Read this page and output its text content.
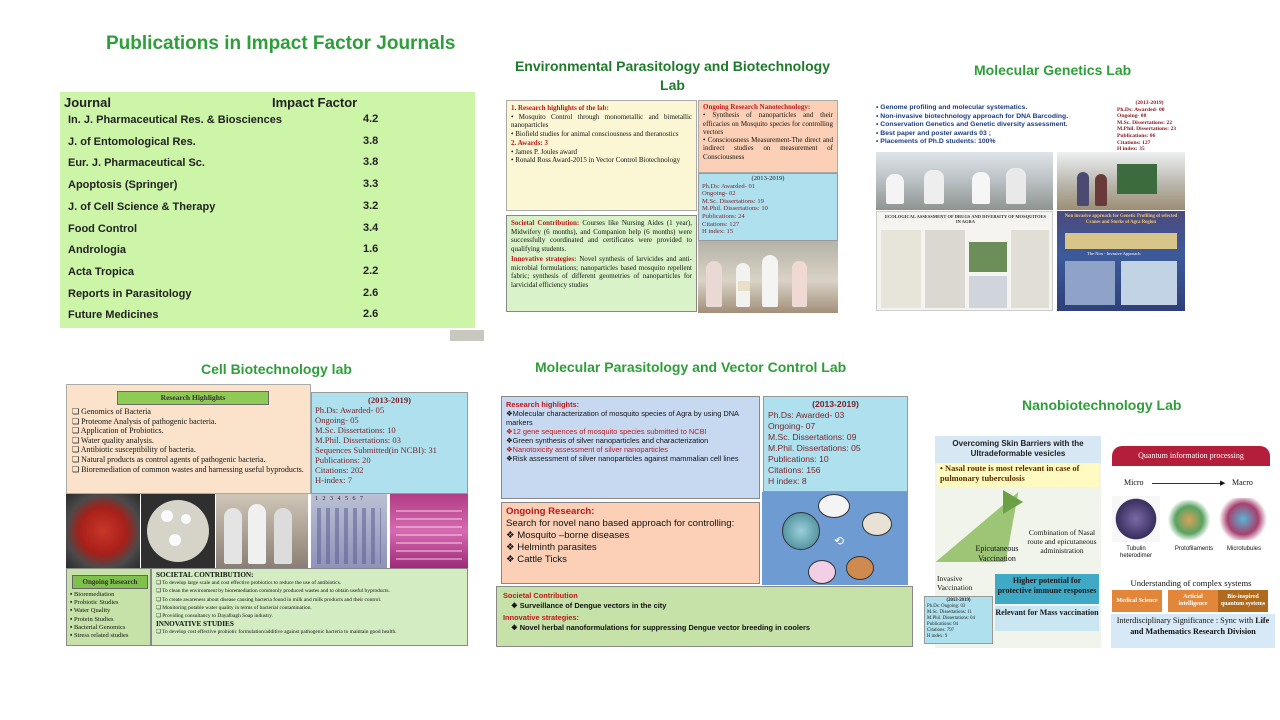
Publications in Impact Factor Journals
Journal	Impact Factor
In. J. Pharmaceutical Res. & Biosciences	4.2
J. of Entomological Res.	3.8
Eur. J. Pharmaceutical Sc.	3.8
Apoptosis (Springer)	3.3
J. of Cell Science & Therapy	3.2
Food Control	3.4
Andrologia	1.6
Acta Tropica	2.2
Reports in Parasitology	2.6
Future Medicines	2.6
Environmental Parasitology and Biotechnology
Lab
1. Research highlights of the lab:
• Mosquito Control through monometallic and bimetallic nanoparticles
• Biofield studies for animal consciousness and theranostics
2. Awards: 3
• James P. Joules award
• Ronald Ross Award-2015 in Vector Control Biotechnology
Ongoing Research Nanotechnology:
• Synthesis of nanoparticles and their efficacies on Mosquito species for controlling vectors
• Consciousness Measurement-The direct and indirect studies on measurement of Consciousness
(2013-2019)
Ph.Ds: Awarded- 01
Ongoing- 02
M.Sc. Dissertations: 19
M.Phil. Dissertations: 10
Publications: 24
Citations: 127
H index: 15
Societal Contribution: Courses like Nursing Aides (1 year), Midwifery (6 months), and Companion help (6 months) were successfully coordinated and certificates were provided to qualifying students.
Innovative strategies: Novel synthesis of larvicides and anti-microbial formulations; nanoparticles based mosquito repellent fabric; synthesis of different geometries of nanoparticles for larvicidal efficiency studies
Molecular Genetics Lab
• Genome profiling and molecular systematics.
• Non-invasive biotechnology approach for DNA Barcoding.
• Conservation Genetics and Genetic diversity assessment.
• Best paper and poster awards 03 ;
• Placements of Ph.D students: 100%
(2013-2019)
Ph.Ds: Awarded- 00
Ongoing- 08
M.Sc. Dissertations: 22
M.Phil. Dissertations: 23
Publications: 06
Citations: 127
H index: 35
ECOLOGICAL ASSESSMENT OF DRUGS AND DIVERSITY OF MOSQUITOES IN AGRA
Non invasive approach for Genetic Profiling of selected Cranes and Storks of Agra Region
The Non - Invasive Approach
Cell Biotechnology lab
Research Highlights
❏ Genomics of Bacteria
❏ Proteome Analysis of pathogenic bacteria.
❏ Application of Probiotics.
❏ Water quality analysis.
❏ Antibiotic susceptibility of bacteria.
❏ Natural products as control agents of pathogenic bacteria.
❏ Bioremediation of common wastes and harnessing useful byproducts.
(2013-2019)
Ph.Ds: Awarded- 05
Ongoing- 05
M.Sc. Dissertations: 10
M.Phil. Dissertations: 03
Sequences Submitted(in NCBI): 31
Publications: 20
Citations: 202
H-index: 7
1   2   3   4   5   6   7
Ongoing Research
▪ Bioremediation
▪ Probiotic Studies
▪ Water Quality
▪ Protein Studies
▪ Bacterial Genomics
▪ Stress related studies
SOCIETAL CONTRIBUTION:
❏ To develop large scale and cost effective probiotics to reduce the use of antibiotics.
❏ To clean the environment by bioremediation commonly produced wastes and to obtain useful byproducts.
❏ To create awareness about disease causing bacteria found in milk and milk products and their control.
❏ Monitoring potable water quality in terms of bacterial contamination.
❏ Providing consultancy to Dayalbagh Soap industry.
INNOVATIVE STUDIES
❏ To develop cost effective probiotic formulation/additive against pathogenic bacteria to maintain good health.
Molecular Parasitology and Vector Control Lab
Research highlights:
❖Molecular characterization of mosquito species of Agra by using DNA markers
❖12 gene sequences of mosquito species submitted to NCBI
❖Green synthesis of silver nanoparticles and characterization
❖Nanotoxicity assessment of silver nanoparticles
❖Risk assessment of silver nanoparticles against mammalian cell lines
(2013-2019)
Ph.Ds: Awarded- 03
Ongoing- 07
M.Sc. Dissertations: 09
M.Phil. Dissertations: 05
Publications: 10
Citations: 156
H index: 8
Ongoing Research:
Search for novel nano based approach for controlling:
❖ Mosquito –borne diseases
❖ Helminth parasites
❖ Cattle Ticks
⟲
Societal Contribution
❖ Surveillance of Dengue vectors in the city
Innovative strategies:
❖ Novel herbal nanoformulations for suppressing Dengue vector breeding in coolers
Nanobiotechnology Lab
Overcoming Skin Barriers with the Ultradeformable vesicles
• Nasal route is most relevant in case of pulmonary tuberculosis
Combination of Nasal route and epicutaneous administration
Epicutaneous Vaccination
Invasive Vaccination
Higher potential for protective immune responses
(2013-2019)
Ph.Ds: Ongoing: 03
M.Sc. Dissertations: 11
M.Phil. Dissertations: 04
Publications: 04
Citations: 797
H index: 9
Relevant for Mass vaccination
Quantum information processing
Micro	▶ Macro
Tubulin heterodimer
Protofilaments	Microtubules
Understanding of complex systems
Medical Science
Articial intelligence
Bio-inspired quantum systems
Interdisciplinary Significance : Sync with Life and Mathematics Research Division
